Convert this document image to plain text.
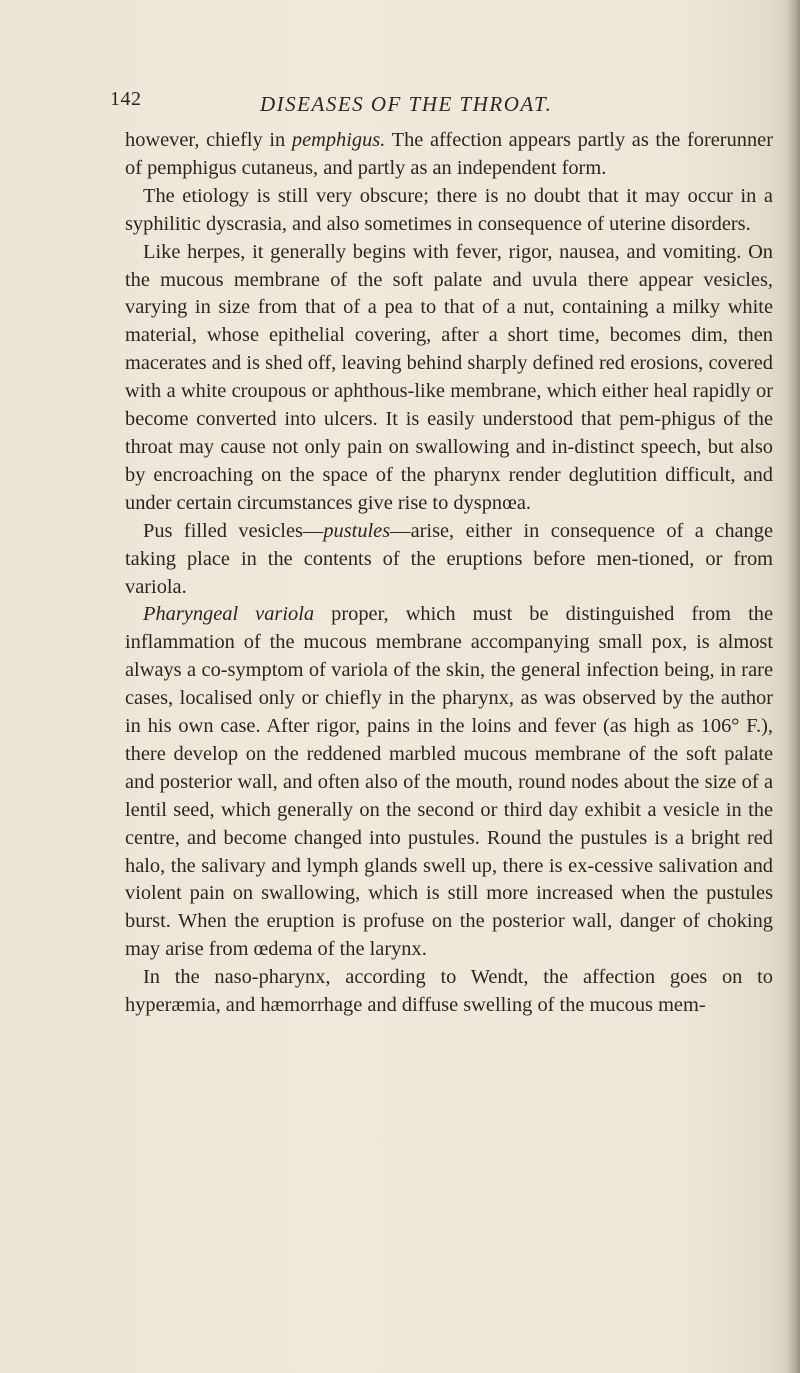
142	DISEASES OF THE THROAT.

however, chiefly in pemphigus. The affection appears partly as the forerunner of pemphigus cutaneus, and partly as an independent form.

The etiology is still very obscure; there is no doubt that it may occur in a syphilitic dyscrasia, and also sometimes in consequence of uterine disorders.

Like herpes, it generally begins with fever, rigor, nausea, and vomiting. On the mucous membrane of the soft palate and uvula there appear vesicles, varying in size from that of a pea to that of a nut, containing a milky white material, whose epithelial covering, after a short time, becomes dim, then macerates and is shed off, leaving behind sharply defined red erosions, covered with a white croupous or aphthous-like membrane, which either heal rapidly or become converted into ulcers. It is easily understood that pem-phigus of the throat may cause not only pain on swallowing and in-distinct speech, but also by encroaching on the space of the pharynx render deglutition difficult, and under certain circumstances give rise to dyspnœa.

Pus filled vesicles—pustules—arise, either in consequence of a change taking place in the contents of the eruptions before men-tioned, or from variola.

Pharyngeal variola proper, which must be distinguished from the inflammation of the mucous membrane accompanying small pox, is almost always a co-symptom of variola of the skin, the general infection being, in rare cases, localised only or chiefly in the pharynx, as was observed by the author in his own case. After rigor, pains in the loins and fever (as high as 106° F.), there develop on the reddened marbled mucous membrane of the soft palate and posterior wall, and often also of the mouth, round nodes about the size of a lentil seed, which generally on the second or third day exhibit a vesicle in the centre, and become changed into pustules. Round the pustules is a bright red halo, the salivary and lymph glands swell up, there is ex-cessive salivation and violent pain on swallowing, which is still more increased when the pustules burst. When the eruption is profuse on the posterior wall, danger of choking may arise from œdema of the larynx.

In the naso-pharynx, according to Wendt, the affection goes on to hyperæmia, and hæmorrhage and diffuse swelling of the mucous mem-
